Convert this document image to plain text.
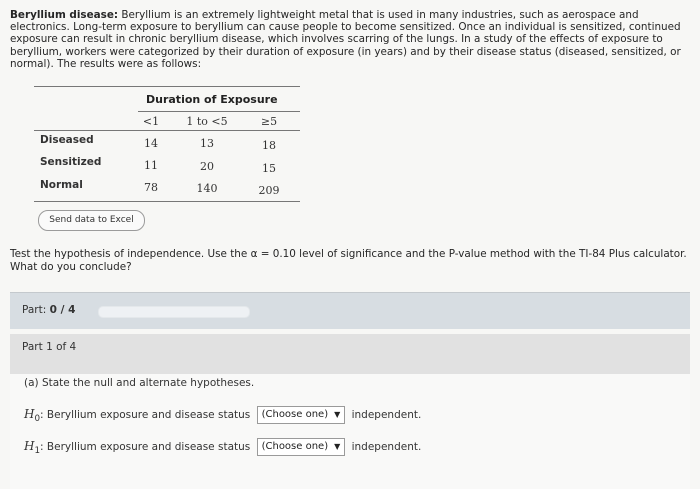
Beryllium disease: Beryllium is an extremely lightweight metal that is used in many industries, such as aerospace and electronics. Long-term exposure to beryllium can cause people to become sensitized. Once an individual is sensitized, continued exposure can result in chronic beryllium disease, which involves scarring of the lungs. In a study of the effects of exposure to beryllium, workers were categorized by their duration of exposure (in years) and by their disease status (diseased, sensitized, or normal). The results were as follows:
Duration of Exposure
<1	1 to <5	≥5
Diseased	14	13	18
Sensitized	11	20	15
Normal	78	140	209
Send data to Excel
Test the hypothesis of independence. Use the α = 0.10 level of significance and the P-value method with the TI-84 Plus calculator.
What do you conclude?
Part: 0 / 4
Part 1 of 4
(a) State the null and alternate hypotheses.
$H_0$: Beryllium exposure and disease status (Choose one) ▼ independent.
$H_1$: Beryllium exposure and disease status (Choose one) ▼ independent.
